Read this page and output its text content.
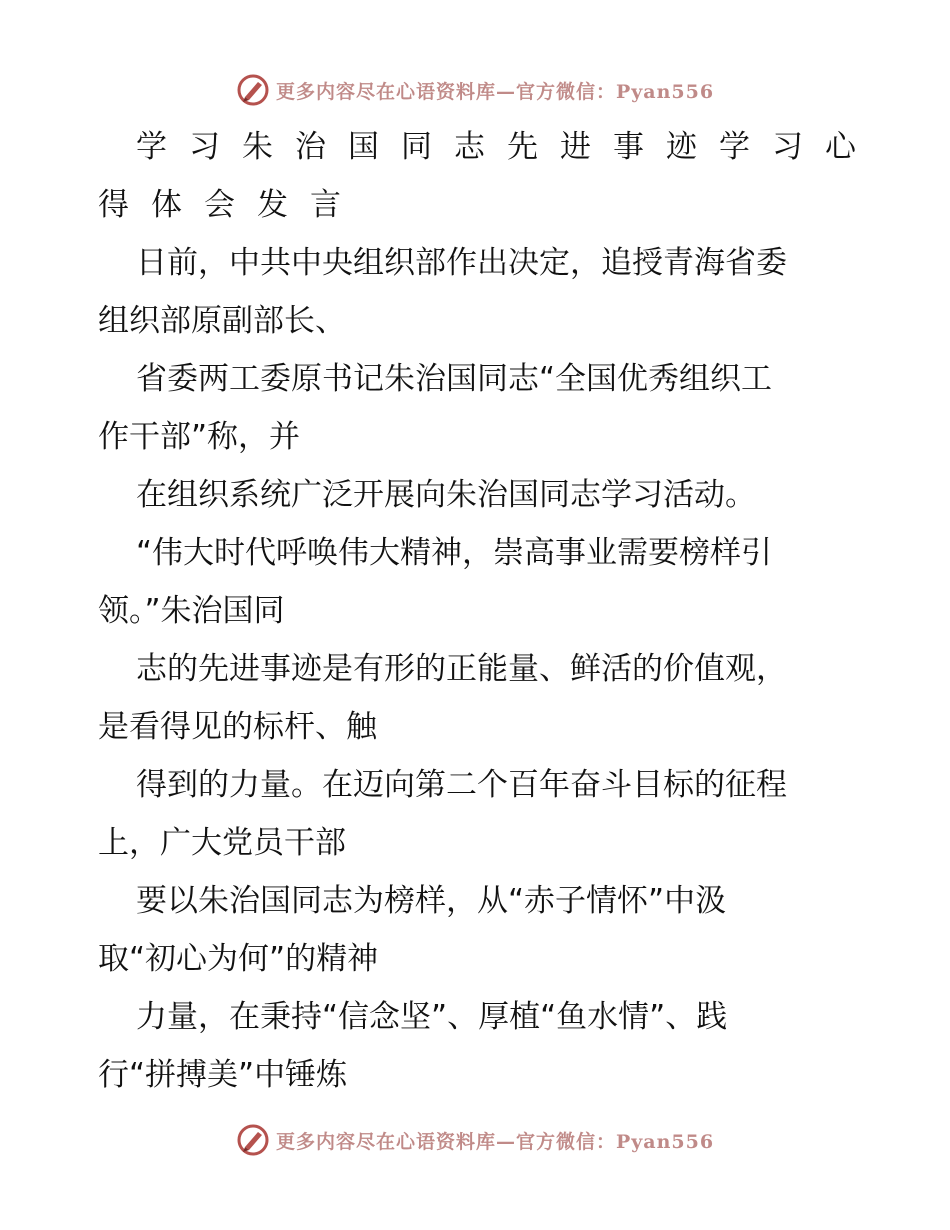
更多内容尽在心语资料库—官方微信：Pyan556
学习朱治国同志先进事迹学习心
得体会发言
日前，中共中央组织部作出决定，追授青海省委
组织部原副部长、
省委两工委原书记朱治国同志“全国优秀组织工
作干部”称，并
在组织系统广泛开展向朱治国同志学习活动。
“伟大时代呼唤伟大精神，崇高事业需要榜样引
领。”朱治国同
志的先进事迹是有形的正能量、鲜活的价值观，
是看得见的标杆、触
得到的力量。在迈向第二个百年奋斗目标的征程
上，广大党员干部
要以朱治国同志为榜样，从“赤子情怀”中汲
取“初心为何”的精神
力量，在秉持“信念坚”、厚植“鱼水情”、践
行“拼搏美”中锤炼
更多内容尽在心语资料库—官方微信：Pyan556
